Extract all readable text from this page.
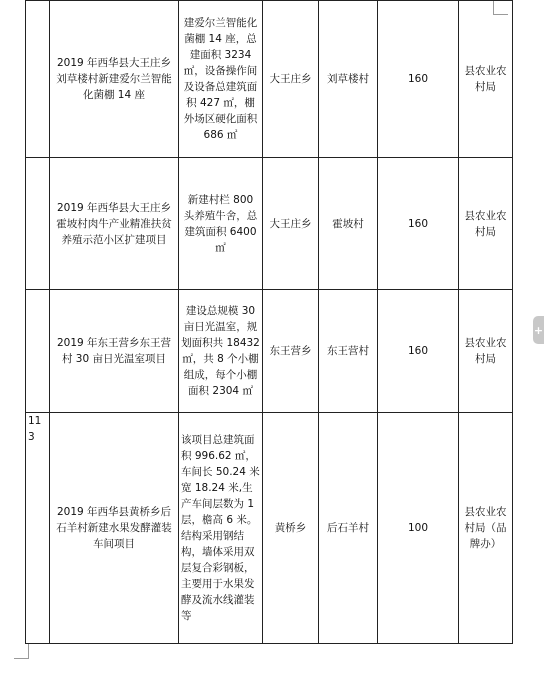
	2019 年西华县大王庄乡刘草楼村新建爱尔兰智能化菌棚 14 座	建爱尔兰智能化菌棚 14 座，总建面积 3234 ㎡，设备操作间及设备总建筑面积 427 ㎡，棚外场区硬化面积 686 ㎡	大王庄乡	刘草楼村	160	县农业农村局
	2019 年西华县大王庄乡霍坡村肉牛产业精准扶贫养殖示范小区扩建项目	新建村栏 800 头养殖牛舍，总建筑面积 6400 ㎡	大王庄乡	霍坡村	160	县农业农村局
	2019 年东王营乡东王营村 30 亩日光温室项目	建设总规模 30 亩日光温室，规划面积共 18432 ㎡，共 8 个小棚组成，每个小棚面积 2304 ㎡	东王营乡	东王营村	160	县农业农村局
113	2019 年西华县黄桥乡后石羊村新建水果发酵灌装车间项目	该项目总建筑面积 996.62 ㎡，车间长 50.24 米宽 18.24 米,生产车间层数为 1 层，檐高 6 米。结构采用钢结构，墙体采用双层复合彩钢板，主要用于水果发酵及流水线灌装等	黄桥乡	后石羊村	100	县农业农村局（品牌办）
+
